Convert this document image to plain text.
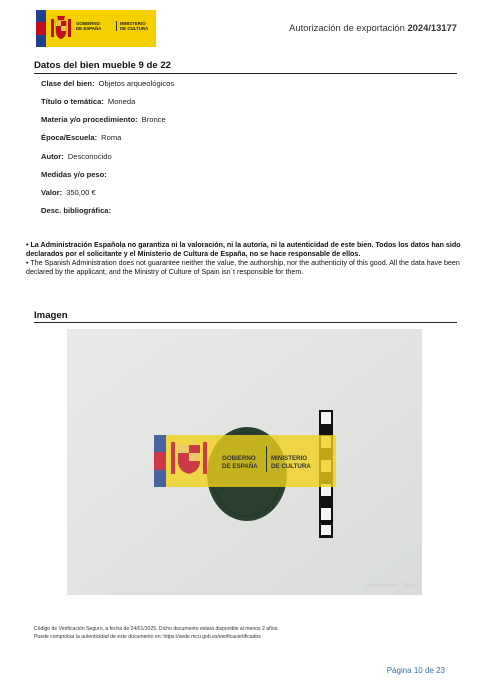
GOBIERNO
DE ESPAÑA
MINISTERIO
DE CULTURA	Autorización de exportación 2024/13177
Datos del bien mueble 9 de 22
Clase del bien: Objetos arqueológicos
Título o temática: Moneda
Materia y/o procedimiento: Bronce
Época/Escuela: Roma
Autor: Desconocido
Medidas y/o peso:
Valor: 350,00 €
Desc. bibliográfica:

• La Administración Española no garantiza ni la valoración, ni la autoría, ni la autenticidad de este bien. Todos los datos han sido declarados por el solicitante y el Ministerio de Cultura de España, no se hace responsable de ellos.

• The Spanish Administration does not guarantee neither the value, the authorship, nor the authenticity of this good. All the data have been declared by the applicant, and the Ministry of Culture of Spain isn´t responsible for them.

Imagen
GOBIERNO
DE ESPAÑA
MINISTERIO
DE CULTURA
Ministerio de Cultura
Código de Verificación Seguro, a fecha de 24/01/2025. Dicho documento estará disponible al menos 2 años.
Puede comprobar la autenticidad de este documento en: https://sede.mcu.gob.es/verificacertificados
Página 10 de 23
